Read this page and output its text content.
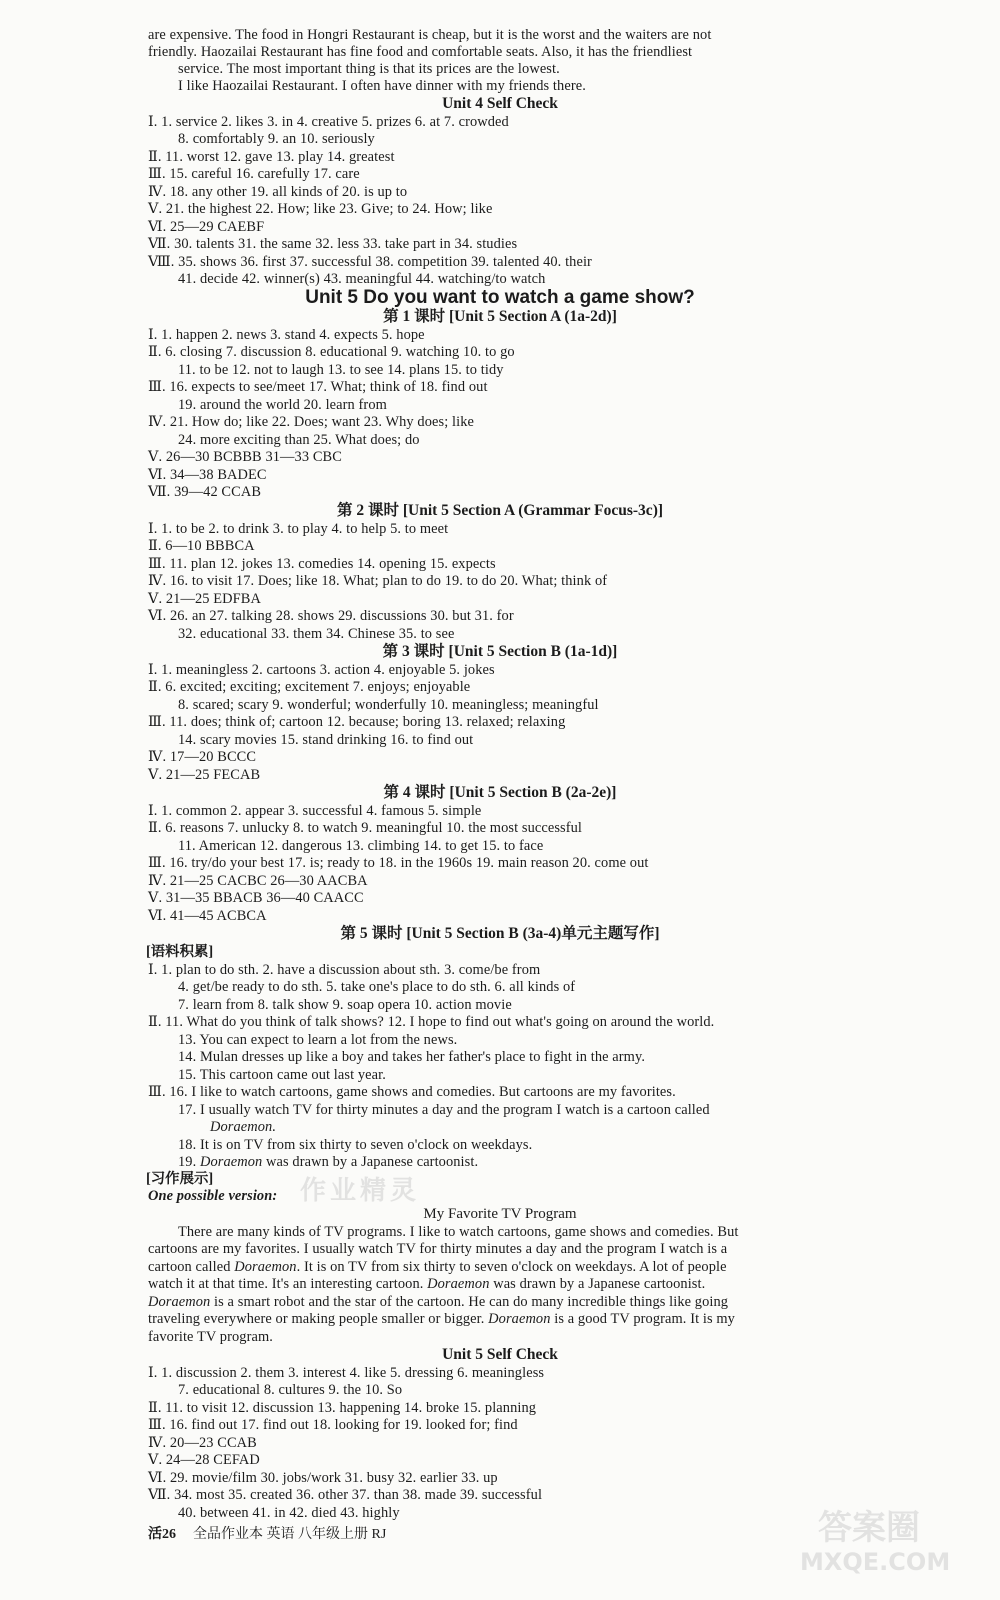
are expensive. The food in Hongri Restaurant is cheap, but it is the worst and the waiters are not
friendly. Haozailai Restaurant has fine food and comfortable seats. Also, it has the friendliest
service. The most important thing is that its prices are the lowest.
I like Haozailai Restaurant. I often have dinner with my friends there.
Unit 4 Self Check
Ⅰ. 1. service 2. likes 3. in 4. creative 5. prizes 6. at 7. crowded
8. comfortably 9. an 10. seriously
Ⅱ. 11. worst 12. gave 13. play 14. greatest
Ⅲ. 15. careful 16. carefully 17. care
Ⅳ. 18. any other 19. all kinds of 20. is up to
Ⅴ. 21. the highest 22. How; like 23. Give; to 24. How; like
Ⅵ. 25—29 CAEBF
Ⅶ. 30. talents 31. the same 32. less 33. take part in 34. studies
Ⅷ. 35. shows 36. first 37. successful 38. competition 39. talented 40. their
41. decide 42. winner(s) 43. meaningful 44. watching/to watch
Unit 5 Do you want to watch a game show?
第 1 课时 [Unit 5 Section A (1a-2d)]
Ⅰ. 1. happen 2. news 3. stand 4. expects 5. hope
Ⅱ. 6. closing 7. discussion 8. educational 9. watching 10. to go
11. to be 12. not to laugh 13. to see 14. plans 15. to tidy
Ⅲ. 16. expects to see/meet 17. What; think of 18. find out
19. around the world 20. learn from
Ⅳ. 21. How do; like 22. Does; want 23. Why does; like
24. more exciting than 25. What does; do
Ⅴ. 26—30 BCBBB 31—33 CBC
Ⅵ. 34—38 BADEC
Ⅶ. 39—42 CCAB
第 2 课时 [Unit 5 Section A (Grammar Focus-3c)]
Ⅰ. 1. to be 2. to drink 3. to play 4. to help 5. to meet
Ⅱ. 6—10 BBBCA
Ⅲ. 11. plan 12. jokes 13. comedies 14. opening 15. expects
Ⅳ. 16. to visit 17. Does; like 18. What; plan to do 19. to do 20. What; think of
Ⅴ. 21—25 EDFBA
Ⅵ. 26. an 27. talking 28. shows 29. discussions 30. but 31. for
32. educational 33. them 34. Chinese 35. to see
第 3 课时 [Unit 5 Section B (1a-1d)]
Ⅰ. 1. meaningless 2. cartoons 3. action 4. enjoyable 5. jokes
Ⅱ. 6. excited; exciting; excitement 7. enjoys; enjoyable
8. scared; scary 9. wonderful; wonderfully 10. meaningless; meaningful
Ⅲ. 11. does; think of; cartoon 12. because; boring 13. relaxed; relaxing
14. scary movies 15. stand drinking 16. to find out
Ⅳ. 17—20 BCCC
Ⅴ. 21—25 FECAB
第 4 课时 [Unit 5 Section B (2a-2e)]
Ⅰ. 1. common 2. appear 3. successful 4. famous 5. simple
Ⅱ. 6. reasons 7. unlucky 8. to watch 9. meaningful 10. the most successful
11. American 12. dangerous 13. climbing 14. to get 15. to face
Ⅲ. 16. try/do your best 17. is; ready to 18. in the 1960s 19. main reason 20. come out
Ⅳ. 21—25 CACBC 26—30 AACBA
Ⅴ. 31—35 BBACB 36—40 CAACC
Ⅵ. 41—45 ACBCA
第 5 课时 [Unit 5 Section B (3a-4)单元主题写作]
[语料积累]
Ⅰ. 1. plan to do sth. 2. have a discussion about sth. 3. come/be from
4. get/be ready to do sth. 5. take one's place to do sth. 6. all kinds of
7. learn from 8. talk show 9. soap opera 10. action movie
Ⅱ. 11. What do you think of talk shows? 12. I hope to find out what's going on around the world.
13. You can expect to learn a lot from the news.
14. Mulan dresses up like a boy and takes her father's place to fight in the army.
15. This cartoon came out last year.
Ⅲ. 16. I like to watch cartoons, game shows and comedies. But cartoons are my favorites.
17. I usually watch TV for thirty minutes a day and the program I watch is a cartoon called
Doraemon.
18. It is on TV from six thirty to seven o'clock on weekdays.
19. Doraemon was drawn by a Japanese cartoonist.
[习作展示]
One possible version:
My Favorite TV Program
There are many kinds of TV programs. I like to watch cartoons, game shows and comedies. But
cartoons are my favorites. I usually watch TV for thirty minutes a day and the program I watch is a
cartoon called Doraemon. It is on TV from six thirty to seven o'clock on weekdays. A lot of people
watch it at that time. It's an interesting cartoon. Doraemon was drawn by a Japanese cartoonist.
Doraemon is a smart robot and the star of the cartoon. He can do many incredible things like going
traveling everywhere or making people smaller or bigger. Doraemon is a good TV program. It is my
favorite TV program.
Unit 5 Self Check
Ⅰ. 1. discussion 2. them 3. interest 4. like 5. dressing 6. meaningless
7. educational 8. cultures 9. the 10. So
Ⅱ. 11. to visit 12. discussion 13. happening 14. broke 15. planning
Ⅲ. 16. find out 17. find out 18. looking for 19. looked for; find
Ⅳ. 20—23 CCAB
Ⅴ. 24—28 CEFAD
Ⅵ. 29. movie/film 30. jobs/work 31. busy 32. earlier 33. up
Ⅶ. 34. most 35. created 36. other 37. than 38. made 39. successful
40. between 41. in 42. died 43. highly
活26 全品作业本 英语 八年级上册 RJ
作业精灵
答案圈
MXQE.COM
